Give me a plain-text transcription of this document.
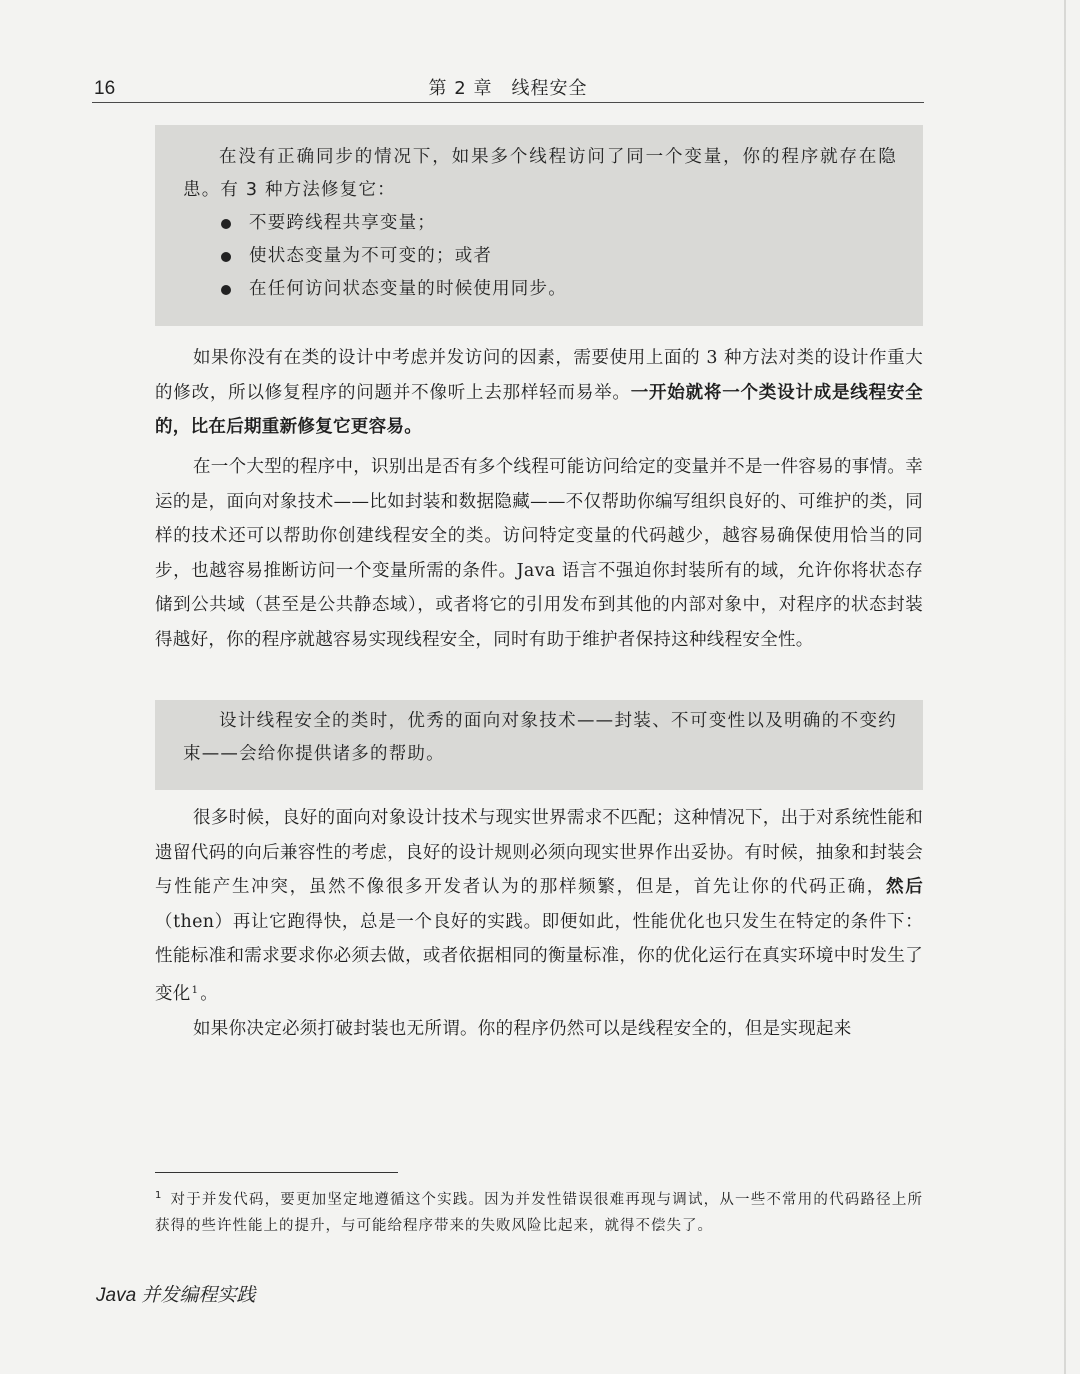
16	第 2 章　线程安全

在没有正确同步的情况下，如果多个线程访问了同一个变量，你的程序就存在隐患。有 3 种方法修复它：

不要跨线程共享变量；
使状态变量为不可变的；或者
在任何访问状态变量的时候使用同步。

如果你没有在类的设计中考虑并发访问的因素，需要使用上面的 3 种方法对类的设计作重大的修改，所以修复程序的问题并不像听上去那样轻而易举。一开始就将一个类设计成是线程安全的，比在后期重新修复它更容易。

在一个大型的程序中，识别出是否有多个线程可能访问给定的变量并不是一件容易的事情。幸运的是，面向对象技术——比如封装和数据隐藏——不仅帮助你编写组织良好的、可维护的类，同样的技术还可以帮助你创建线程安全的类。访问特定变量的代码越少，越容易确保使用恰当的同步，也越容易推断访问一个变量所需的条件。Java 语言不强迫你封装所有的域，允许你将状态存储到公共域（甚至是公共静态域），或者将它的引用发布到其他的内部对象中，对程序的状态封装得越好，你的程序就越容易实现线程安全，同时有助于维护者保持这种线程安全性。

设计线程安全的类时，优秀的面向对象技术——封装、不可变性以及明确的不变约束——会给你提供诸多的帮助。

很多时候，良好的面向对象设计技术与现实世界需求不匹配；这种情况下，出于对系统性能和遗留代码的向后兼容性的考虑，良好的设计规则必须向现实世界作出妥协。有时候，抽象和封装会与性能产生冲突，虽然不像很多开发者认为的那样频繁，但是，首先让你的代码正确，然后（then）再让它跑得快，总是一个良好的实践。即便如此，性能优化也只发生在特定的条件下：性能标准和需求要求你必须去做，或者依据相同的衡量标准，你的优化运行在真实环境中时发生了变化$^1$ 。

如果你决定必须打破封装也无所谓。你的程序仍然可以是线程安全的，但是实现起来

$^1$ 对于并发代码，要更加坚定地遵循这个实践。因为并发性错误很难再现与调试，从一些不常用的代码路径上所获得的些许性能上的提升，与可能给程序带来的失败风险比起来，就得不偿失了。
Java 并发编程实践
